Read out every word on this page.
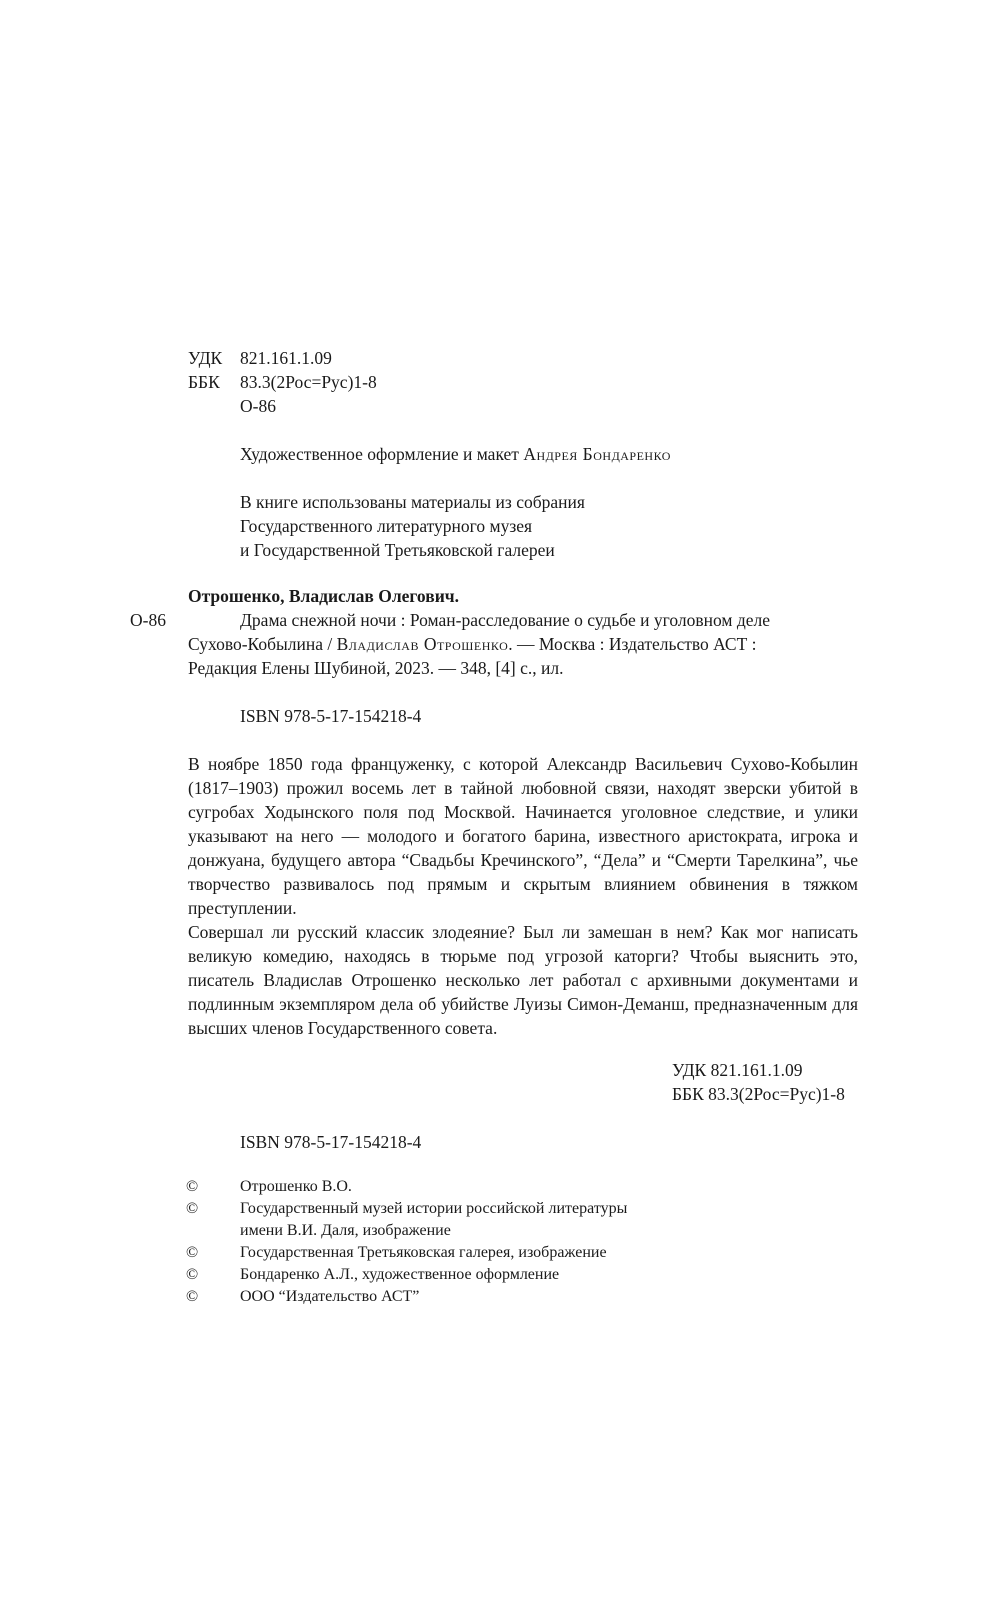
УДК	821.161.1.09
ББК	83.3(2Рос=Рус)1-8
О-86
Художественное оформление и макет Андрея Бондаренко
В книге использованы материалы из собрания
Государственного литературного музея
и Государственной Третьяковской галереи
Отрошенко, Владислав Олегович.
О-86	Драма снежной ночи : Роман-расследование о судьбе и уголовном деле
Сухово-Кобылина / Владислав Отрошенко. — Москва : Издательство АСТ :
Редакция Елены Шубиной, 2023. — 348, [4] с., ил.
ISBN 978-5-17-154218-4

В ноябре 1850 года француженку, с которой Александр Васильевич Сухово-Кобылин (1817–1903) прожил восемь лет в тайной любовной связи, находят зверски убитой в сугробах Ходынского поля под Москвой. Начинается уголовное следствие, и улики указывают на него — молодого и богатого барина, известного аристократа, игрока и донжуана, будущего автора “Свадьбы Кречинского”, “Дела” и “Смерти Тарелкина”, чье творчество развивалось под прямым и скрытым влиянием обвинения в тяжком преступлении.

Совершал ли русский классик злодеяние? Был ли замешан в нем? Как мог написать великую комедию, находясь в тюрьме под угрозой каторги? Чтобы выяснить это, писатель Владислав Отрошенко несколько лет работал с архивными документами и подлинным экземпляром дела об убийстве Луизы Симон-Деманш, предназначенным для высших членов Государственного совета.

УДК 821.161.1.09
ББК 83.3(2Рос=Рус)1-8
ISBN 978-5-17-154218-4
©	Отрошенко В.О.
©	Государственный музей истории российской литературы
имени В.И. Даля, изображение
©	Государственная Третьяковская галерея, изображение
©	Бондаренко А.Л., художественное оформление
©	ООО “Издательство АСТ”
